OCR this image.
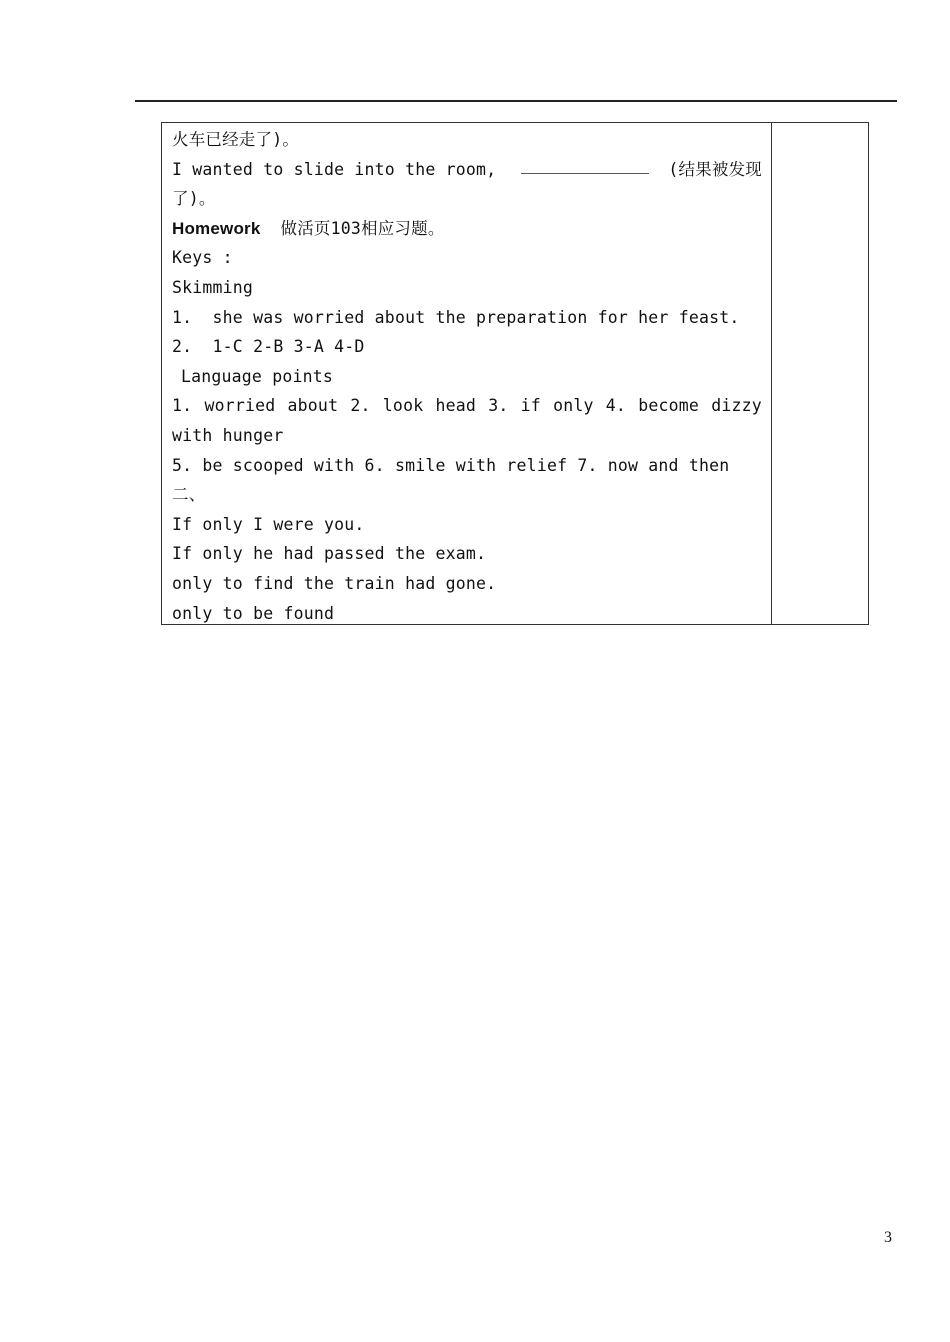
火车已经走了)。
I wanted to slide into the room,	(结果被发现
了)。
Homework 做活页103相应习题。
Keys :
Skimming
1.  she was worried about the preparation for her feast.
2.  1-C 2-B 3-A 4-D
Language points
1. worried about 2. look head 3. if only 4. become dizzy
with hunger
5. be scooped with 6. smile with relief 7. now and then
二、
If only I were you.
If only he had passed the exam.
only to find the train had gone.
only to be found
3
